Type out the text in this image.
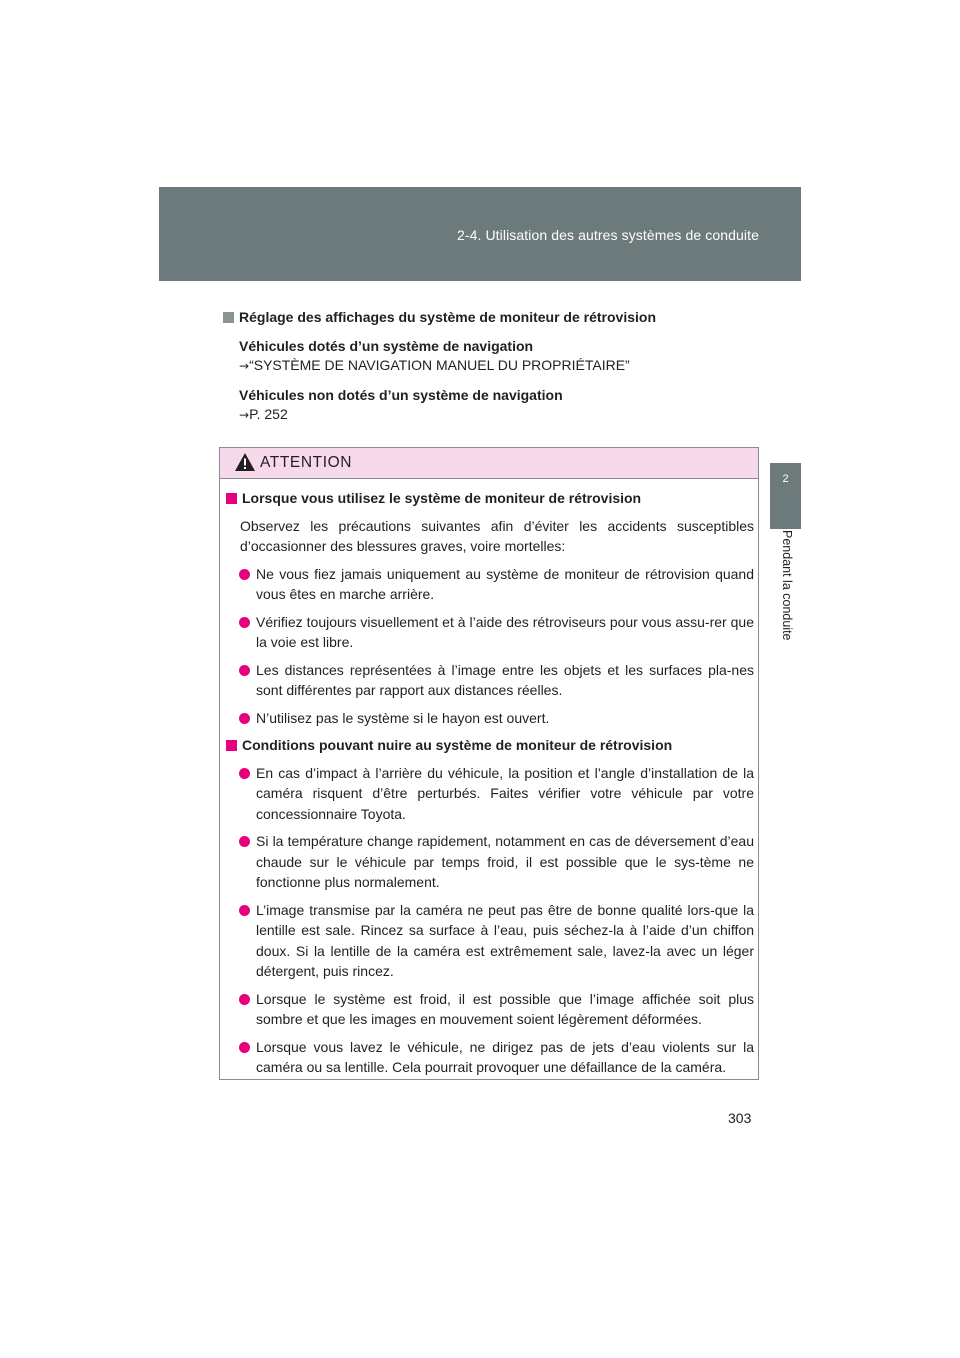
2-4. Utilisation des autres systèmes de conduite
2
Pendant la conduite
Réglage des affichages du système de moniteur de rétrovision
Véhicules dotés d’un système de navigation
→“SYSTÈME DE NAVIGATION MANUEL DU PROPRIÉTAIRE”
Véhicules non dotés d’un système de navigation
→P. 252
ATTENTION
Lorsque vous utilisez le système de moniteur de rétrovision
Observez les précautions suivantes afin d’éviter les accidents susceptibles d’occasionner des blessures graves, voire mortelles:
Ne vous fiez jamais uniquement au système de moniteur de rétrovision quand vous êtes en marche arrière.
Vérifiez toujours visuellement et à l’aide des rétroviseurs pour vous assu-rer que la voie est libre.
Les distances représentées à l’image entre les objets et les surfaces pla-nes sont différentes par rapport aux distances réelles.
N’utilisez pas le système si le hayon est ouvert.
Conditions pouvant nuire au système de moniteur de rétrovision
En cas d’impact à l’arrière du véhicule, la position et l’angle d’installation de la caméra risquent d’être perturbés. Faites vérifier votre véhicule par votre concessionnaire Toyota.
Si la température change rapidement, notamment en cas de déversement d’eau chaude sur le véhicule par temps froid, il est possible que le sys-tème ne fonctionne plus normalement.
L’image transmise par la caméra ne peut pas être de bonne qualité lors-que la lentille est sale. Rincez sa surface à l’eau, puis séchez-la à l’aide d’un chiffon doux. Si la lentille de la caméra est extrêmement sale, lavez-la avec un léger détergent, puis rincez.
Lorsque le système est froid, il est possible que l’image affichée soit plus sombre et que les images en mouvement soient légèrement déformées.
Lorsque vous lavez le véhicule, ne dirigez pas de jets d’eau violents sur la caméra ou sa lentille. Cela pourrait provoquer une défaillance de la caméra.
303
